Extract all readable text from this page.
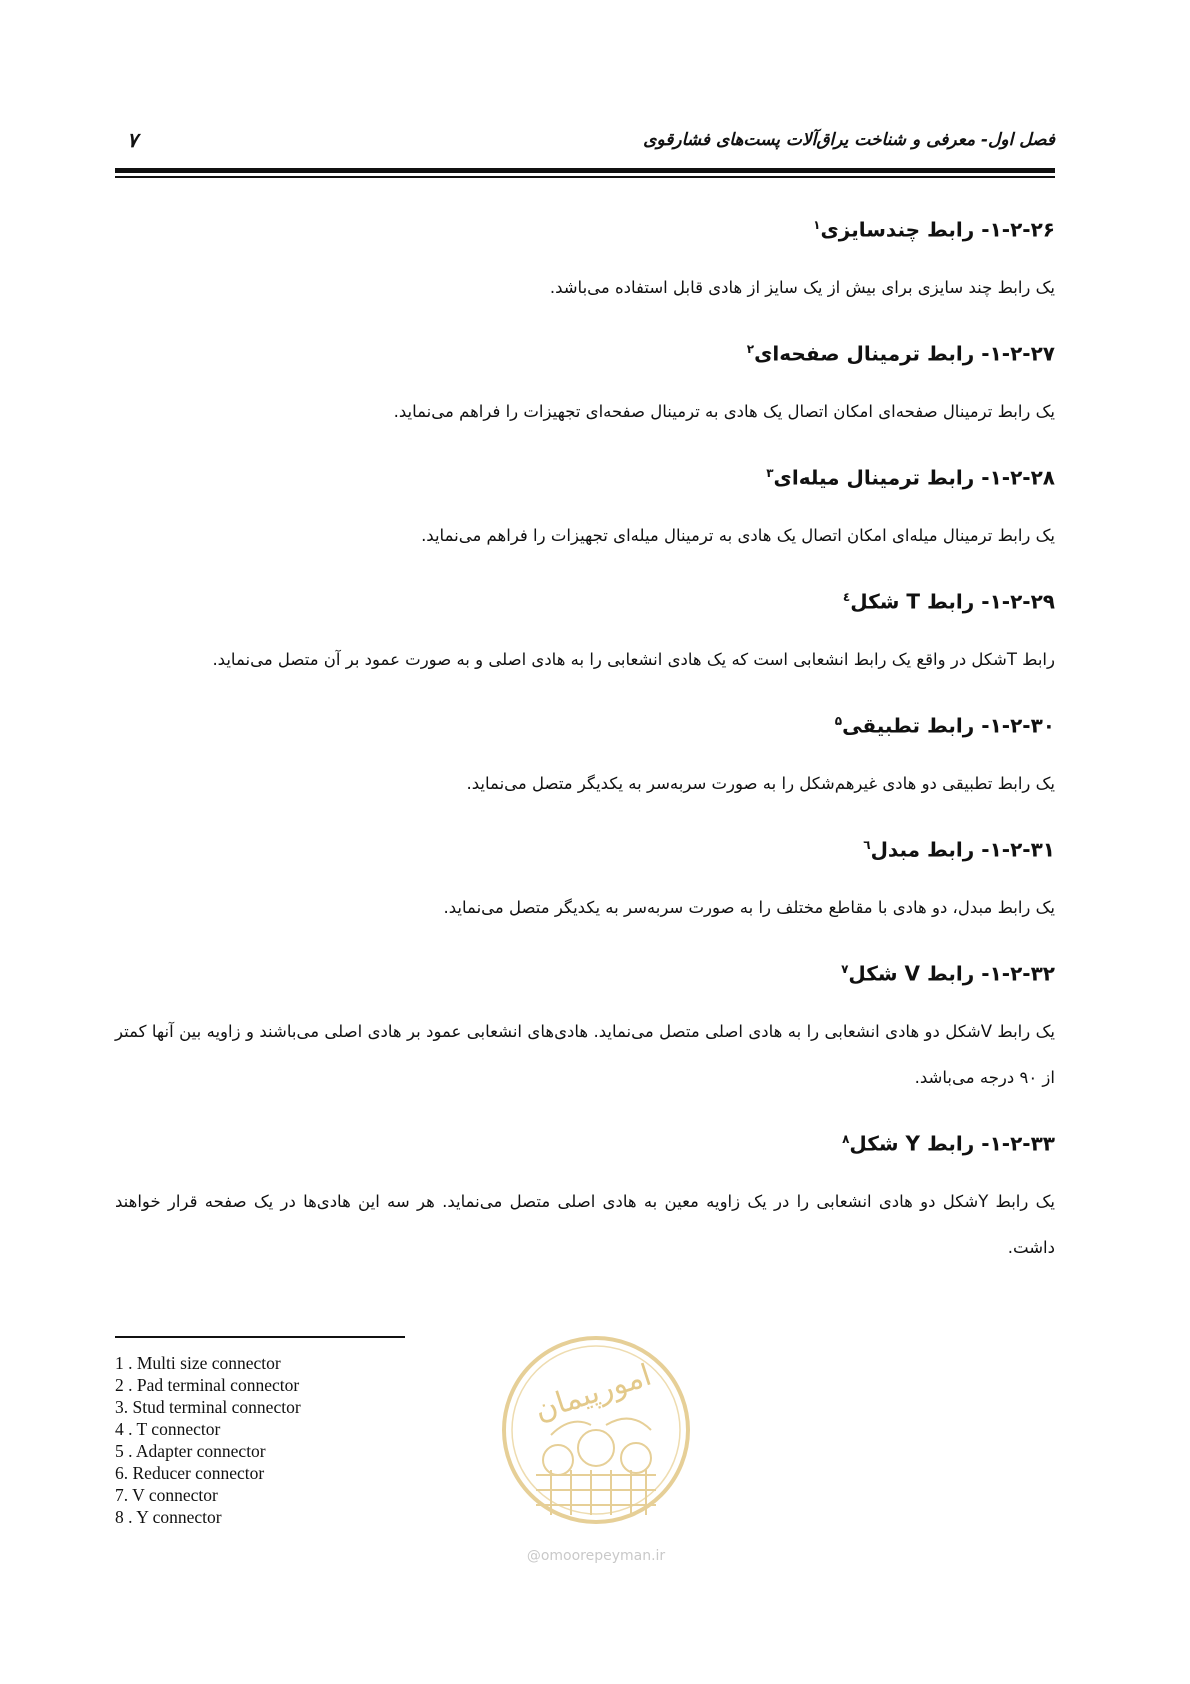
فصل اول- معرفی و شناخت یراق‌آلات پست‌های فشارقوی
۷
۱-۲-۲۶- رابط چندسایزی$^۱$

یک رابط چند سایزی برای بیش از یک سایز از هادی قابل استفاده می‌باشد.

۱-۲-۲۷- رابط ترمینال صفحه‌ای$^۲$

یک رابط ترمینال صفحه‌ای امکان اتصال یک هادی به ترمینال صفحه‌ای تجهیزات را فراهم می‌نماید.

۱-۲-۲۸- رابط ترمینال میله‌ای$^۳$

یک رابط ترمینال میله‌ای امکان اتصال یک هادی به ترمینال میله‌ای تجهیزات را فراهم می‌نماید.

۱-۲-۲۹- رابط T شکل$^٤$

رابط Tشکل در واقع یک رابط انشعابی است که یک هادی انشعابی را به هادی اصلی و به صورت عمود بر آن متصل می‌نماید.

۱-۲-۳۰- رابط تطبیقی$^۵$

یک رابط تطبیقی دو هادی غیرهم‌شکل را به صورت سربه‌سر به یکدیگر متصل می‌نماید.

۱-۲-۳۱- رابط مبدل$^٦$

یک رابط مبدل، دو هادی با مقاطع مختلف را به صورت سربه‌سر به یکدیگر متصل می‌نماید.

۱-۲-۳۲- رابط V شکل$^۷$

یک رابط Vشکل دو هادی انشعابی را به هادی اصلی متصل می‌نماید. هادی‌های انشعابی عمود بر هادی اصلی می‌باشند و زاویه بین آنها کمتر از ۹۰ درجه می‌باشد.

۱-۲-۳۳- رابط Y شکل$^۸$

یک رابط Yشکل دو هادی انشعابی را در یک زاویه معین به هادی اصلی متصل می‌نماید. هر سه این هادی‌ها در یک صفحه قرار خواهند داشت.

1 . Multi size connector
2 . Pad terminal connector
3. Stud terminal connector
4 . T connector
5 . Adapter connector
6. Reducer connector
7. V connector
8 . Y connector
امورپیمان
@omoorepeyman.ir
